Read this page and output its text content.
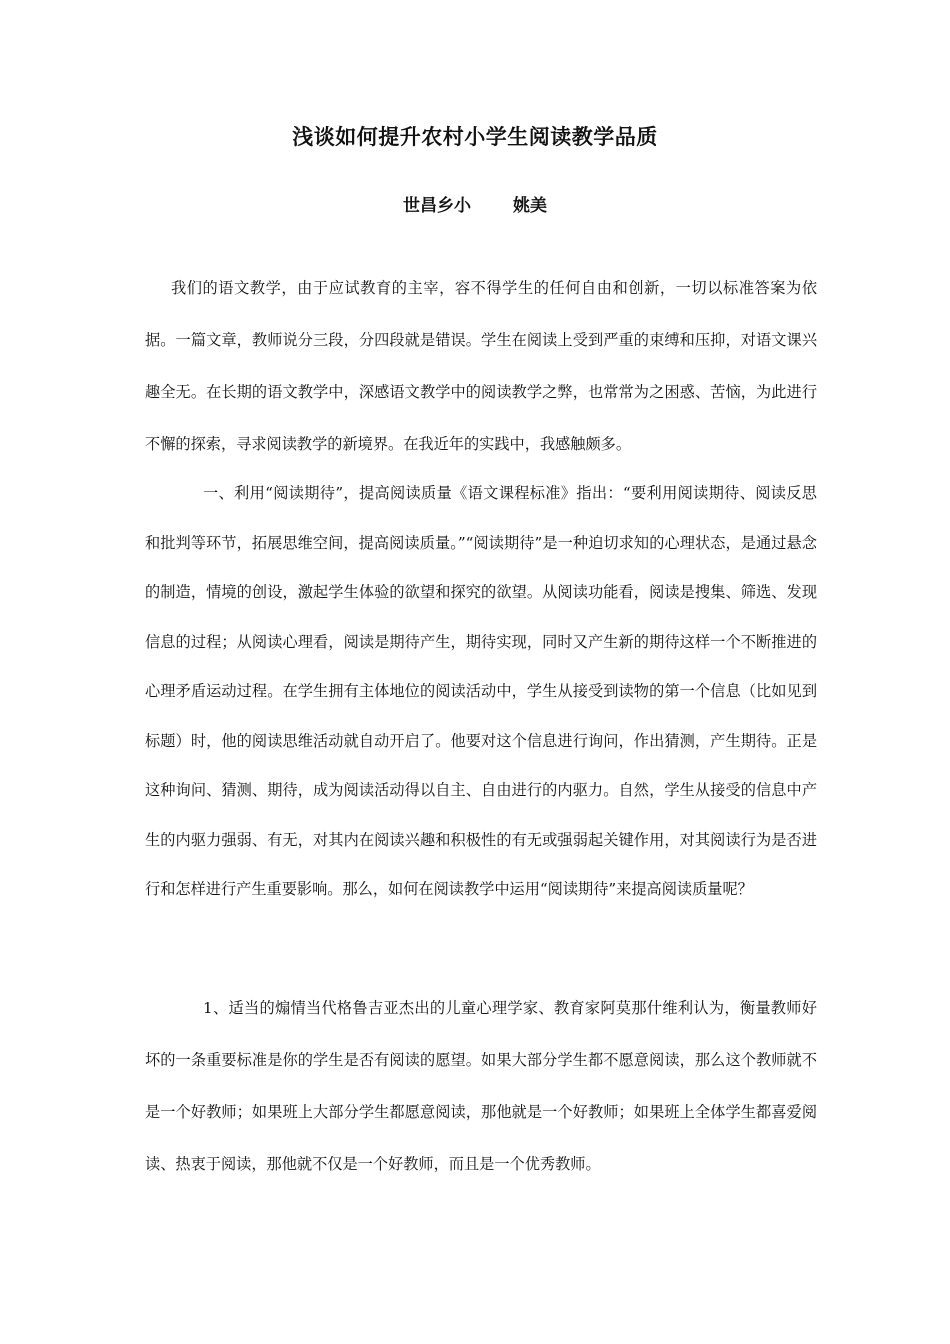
浅谈如何提升农村小学生阅读教学品质
世昌乡小 姚美

我们的语文教学，由于应试教育的主宰，容不得学生的任何自由和创新，一切以标准答案为依据。一篇文章，教师说分三段，分四段就是错误。学生在阅读上受到严重的束缚和压抑，对语文课兴趣全无。在长期的语文教学中，深感语文教学中的阅读教学之弊，也常常为之困惑、苦恼，为此进行不懈的探索，寻求阅读教学的新境界。在我近年的实践中，我感触颇多。

一、利用“阅读期待”，提高阅读质量《语文课程标准》指出：“要利用阅读期待、阅读反思和批判等环节，拓展思维空间，提高阅读质量。”“阅读期待”是一种迫切求知的心理状态，是通过悬念的制造，情境的创设，激起学生体验的欲望和探究的欲望。从阅读功能看，阅读是搜集、筛选、发现信息的过程；从阅读心理看，阅读是期待产生，期待实现，同时又产生新的期待这样一个不断推进的心理矛盾运动过程。在学生拥有主体地位的阅读活动中，学生从接受到读物的第一个信息（比如见到标题）时，他的阅读思维活动就自动开启了。他要对这个信息进行询问，作出猜测，产生期待。正是这种询问、猜测、期待，成为阅读活动得以自主、自由进行的内驱力。自然，学生从接受的信息中产生的内驱力强弱、有无，对其内在阅读兴趣和积极性的有无或强弱起关键作用，对其阅读行为是否进行和怎样进行产生重要影响。那么，如何在阅读教学中运用“阅读期待”来提高阅读质量呢？

1、适当的煽情当代格鲁吉亚杰出的儿童心理学家、教育家阿莫那什维利认为，衡量教师好坏的一条重要标准是你的学生是否有阅读的愿望。如果大部分学生都不愿意阅读，那么这个教师就不是一个好教师；如果班上大部分学生都愿意阅读，那他就是一个好教师；如果班上全体学生都喜爱阅读、热衷于阅读，那他就不仅是一个好教师，而且是一个优秀教师。
